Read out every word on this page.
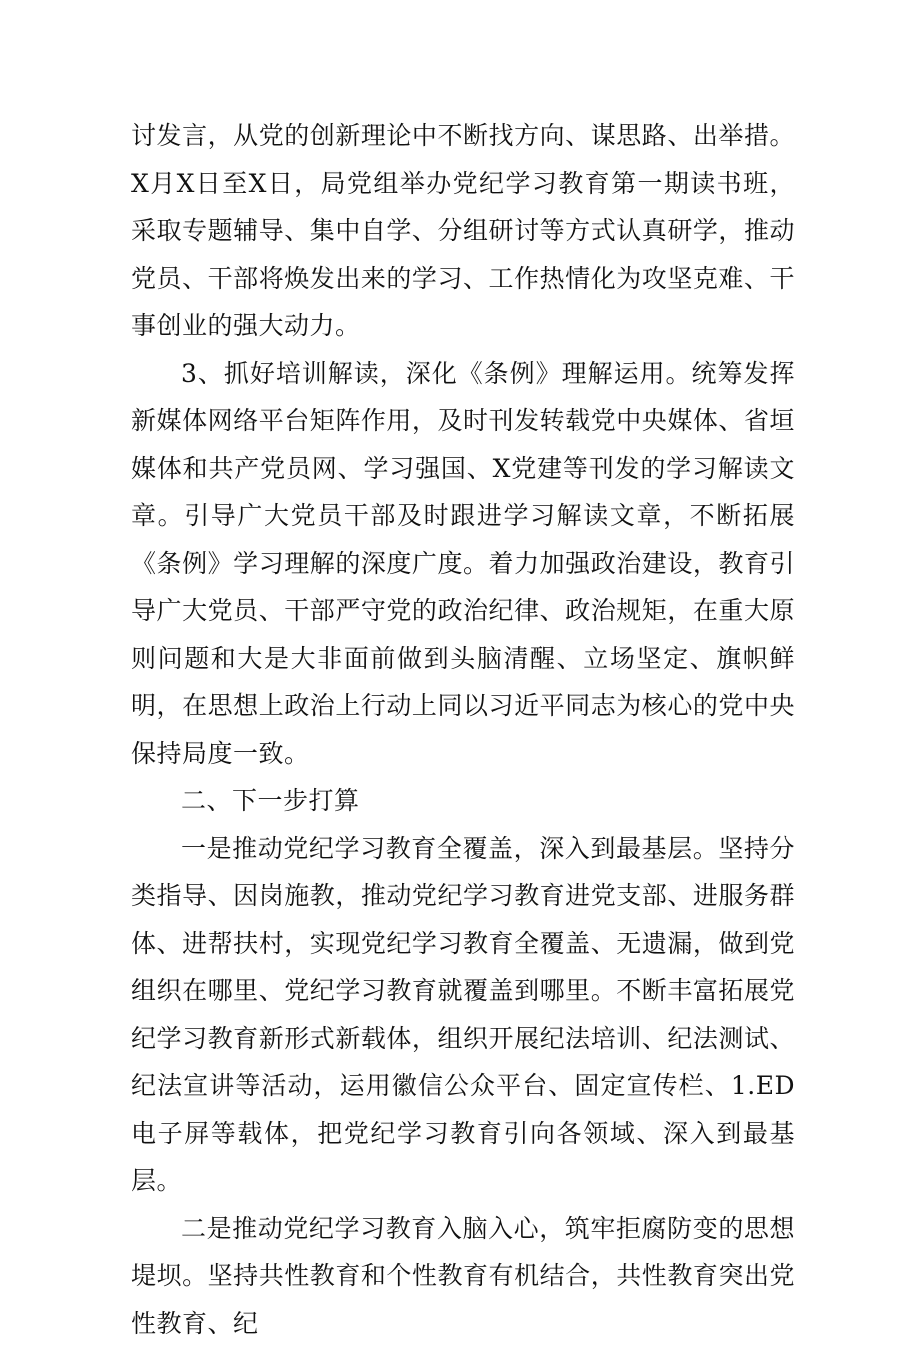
讨发言，从党的创新理论中不断找方向、谋思路、出举措。X月X日至X日，局党组举办党纪学习教育第一期读书班，采取专题辅导、集中自学、分组研讨等方式认真研学，推动党员、干部将焕发出来的学习、工作热情化为攻坚克难、干事创业的强大动力。

3、抓好培训解读，深化《条例》理解运用。统筹发挥新媒体网络平台矩阵作用，及时刊发转载党中央媒体、省垣媒体和共产党员网、学习强国、X党建等刊发的学习解读文章。引导广大党员干部及时跟进学习解读文章，不断拓展《条例》学习理解的深度广度。着力加强政治建设，教育引导广大党员、干部严守党的政治纪律、政治规矩，在重大原则问题和大是大非面前做到头脑清醒、立场坚定、旗帜鲜明，在思想上政治上行动上同以习近平同志为核心的党中央保持局度一致。

二、下一步打算

一是推动党纪学习教育全覆盖，深入到最基层。坚持分类指导、因岗施教，推动党纪学习教育进党支部、进服务群体、进帮扶村，实现党纪学习教育全覆盖、无遗漏，做到党组织在哪里、党纪学习教育就覆盖到哪里。不断丰富拓展党纪学习教育新形式新载体，组织开展纪法培训、纪法测试、纪法宣讲等活动，运用徽信公众平台、固定宣传栏、1.ED电子屏等载体，把党纪学习教育引向各领域、深入到最基层。

二是推动党纪学习教育入脑入心，筑牢拒腐防变的思想堤坝。坚持共性教育和个性教育有机结合，共性教育突出党性教育、纪
